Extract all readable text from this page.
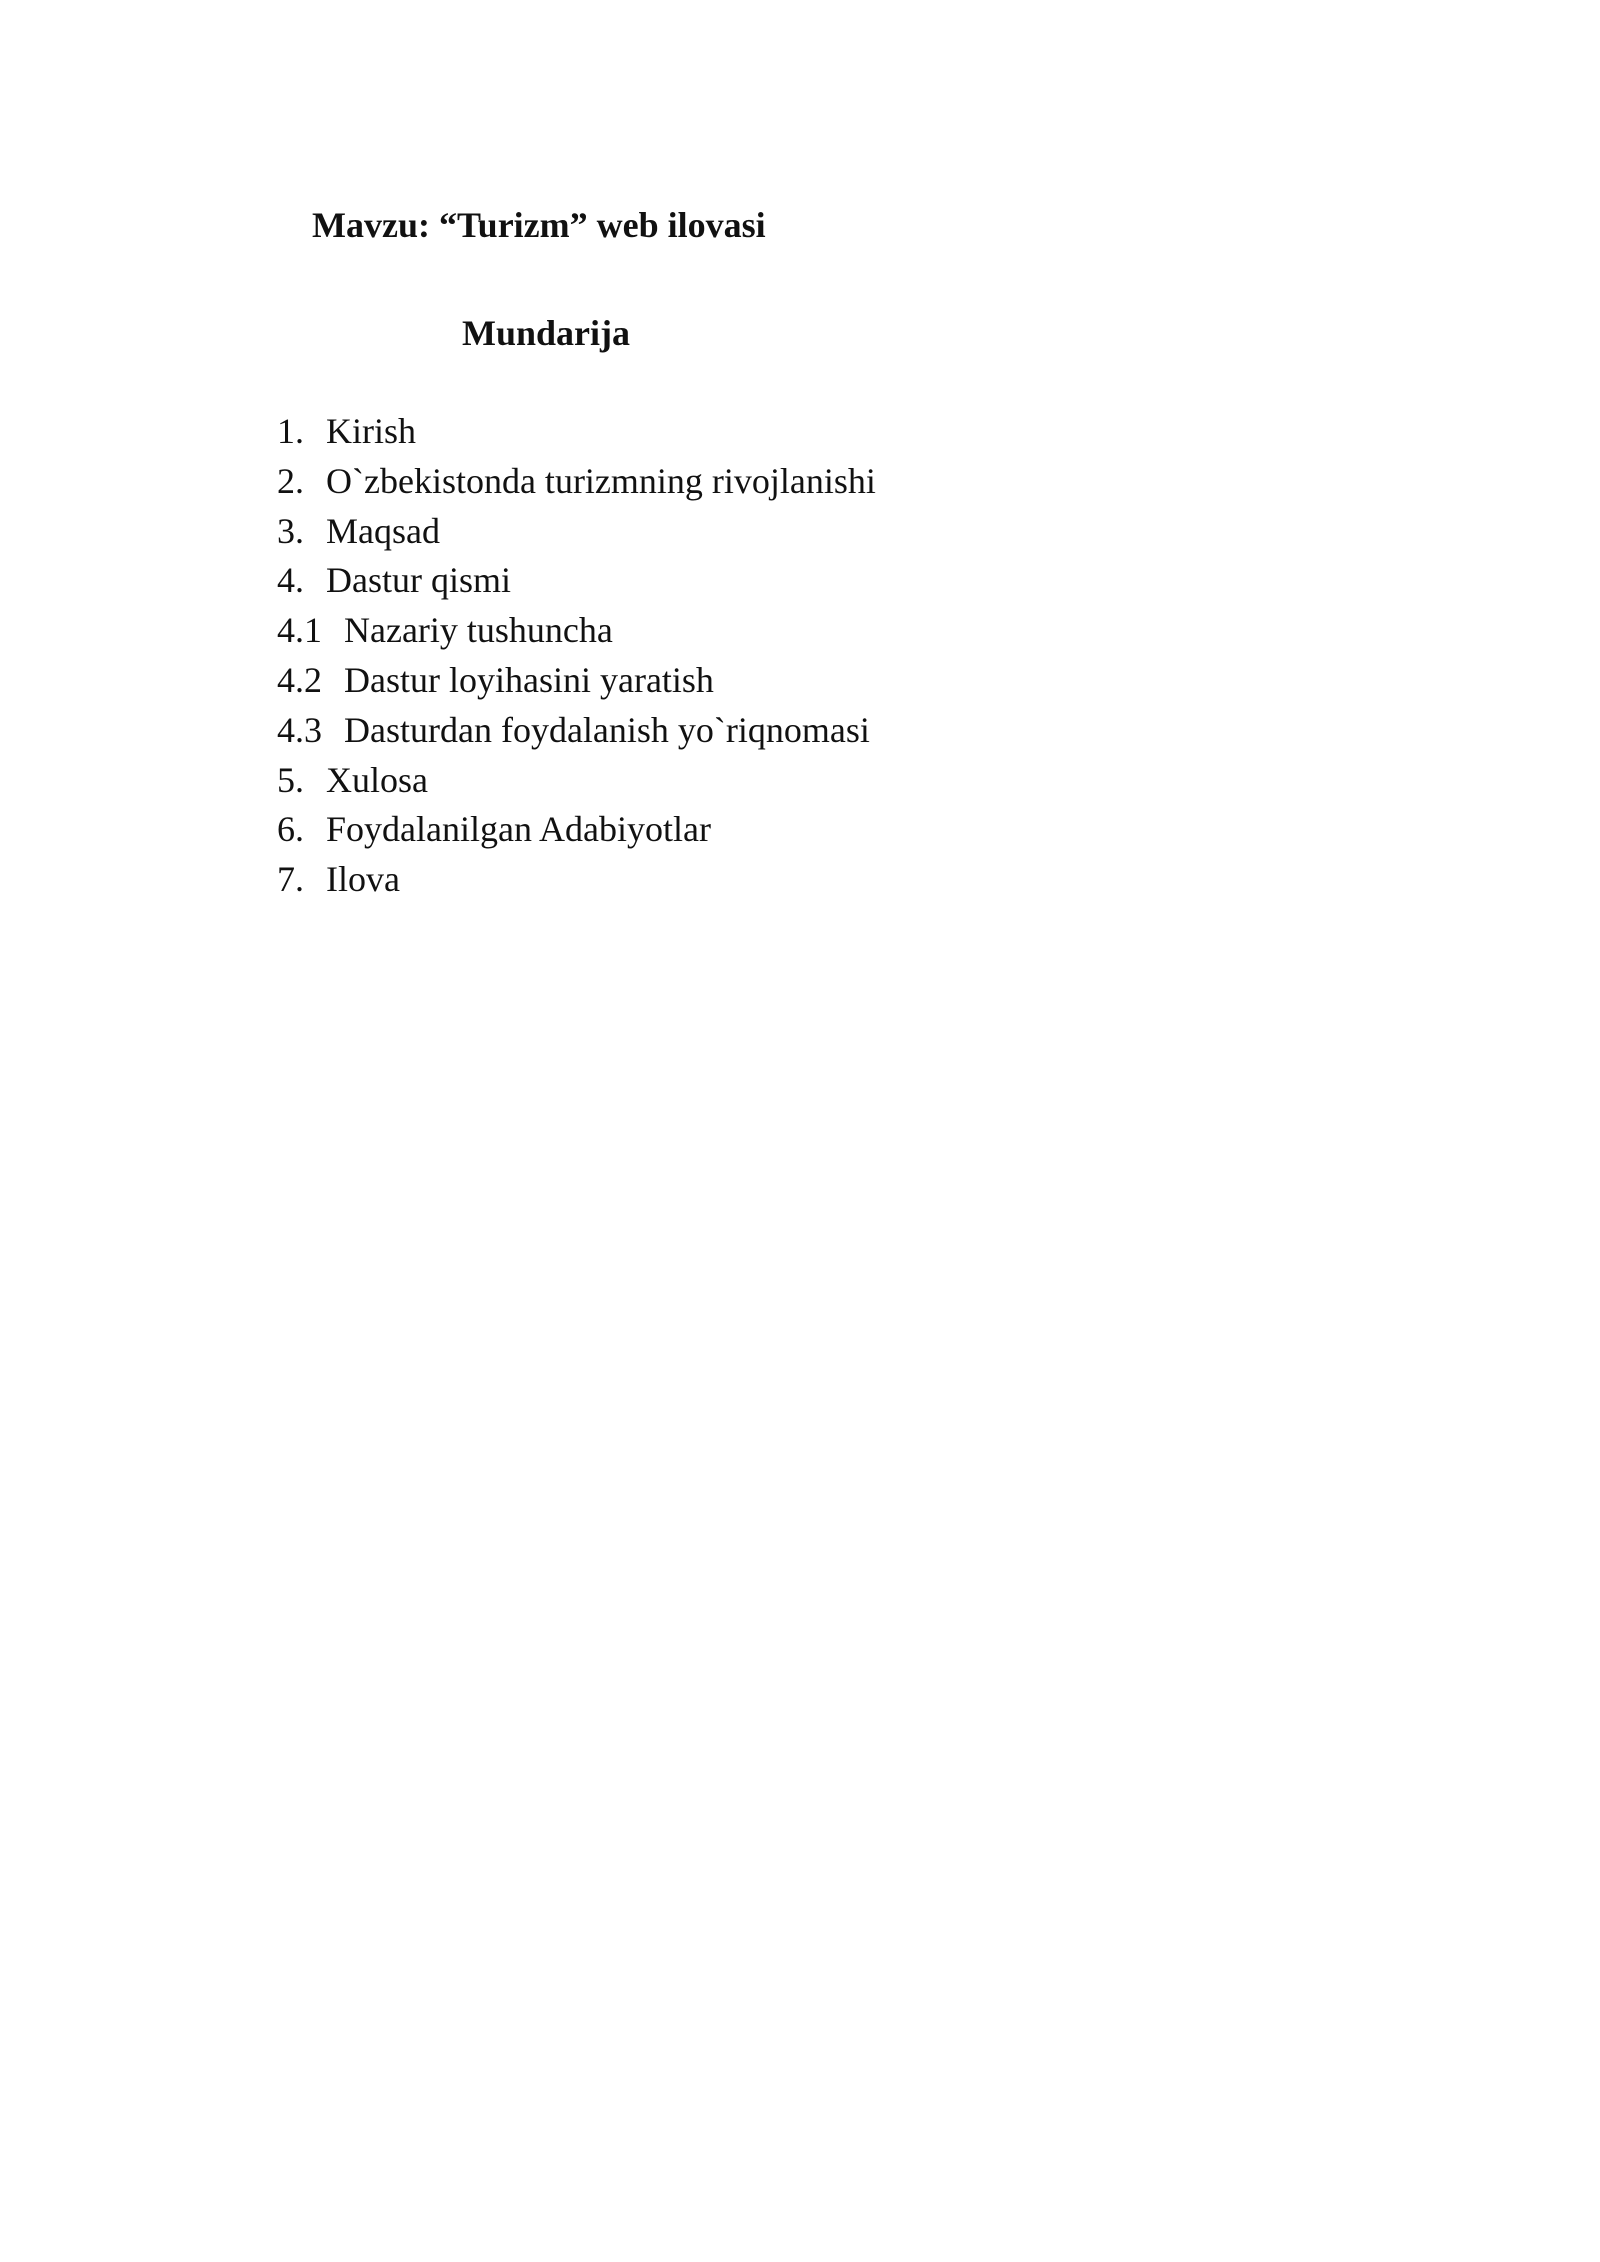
Mavzu: “Turizm” web ilovasi
Mundarija
1. Kirish
2. O`zbekistonda turizmning rivojlanishi
3. Maqsad
4. Dastur qismi
4.1 Nazariy tushuncha
4.2 Dastur loyihasini yaratish
4.3 Dasturdan foydalanish yo`riqnomasi
5. Xulosa
6. Foydalanilgan Adabiyotlar
7. Ilova
